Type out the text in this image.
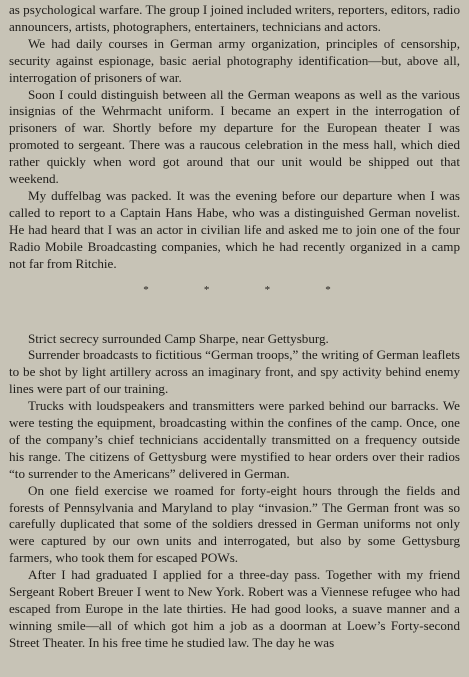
as psychological warfare. The group I joined included writers, reporters, editors, radio announcers, artists, photographers, entertainers, technicians and actors.

We had daily courses in German army organization, principles of censorship, security against espionage, basic aerial photography identification—but, above all, interrogation of prisoners of war.

Soon I could distinguish between all the German weapons as well as the various insignias of the Wehrmacht uniform. I became an expert in the interrogation of prisoners of war. Shortly before my departure for the European theater I was promoted to sergeant. There was a raucous celebration in the mess hall, which died rather quickly when word got around that our unit would be shipped out that weekend.

My duffelbag was packed. It was the evening before our departure when I was called to report to a Captain Hans Habe, who was a distinguished German novelist. He had heard that I was an actor in civilian life and asked me to join one of the four Radio Mobile Broadcasting companies, which he had recently organized in a camp not far from Ritchie.

*	*	*	*

Strict secrecy surrounded Camp Sharpe, near Gettysburg.

Surrender broadcasts to fictitious “German troops,” the writing of German leaflets to be shot by light artillery across an imaginary front, and spy activity behind enemy lines were part of our training.

Trucks with loudspeakers and transmitters were parked behind our barracks. We were testing the equipment, broadcasting within the confines of the camp. Once, one of the company’s chief technicians accidentally transmitted on a frequency outside his range. The citizens of Gettysburg were mystified to hear orders over their radios “to surrender to the Americans” delivered in German.

On one field exercise we roamed for forty-eight hours through the fields and forests of Pennsylvania and Maryland to play “invasion.” The German front was so carefully duplicated that some of the soldiers dressed in German uniforms not only were captured by our own units and interrogated, but also by some Gettysburg farmers, who took them for escaped POWs.

After I had graduated I applied for a three-day pass. Together with my friend Sergeant Robert Breuer I went to New York. Robert was a Viennese refugee who had escaped from Europe in the late thirties. He had good looks, a suave manner and a winning smile—all of which got him a job as a doorman at Loew’s Forty-second Street Theater. In his free time he studied law. The day he was
